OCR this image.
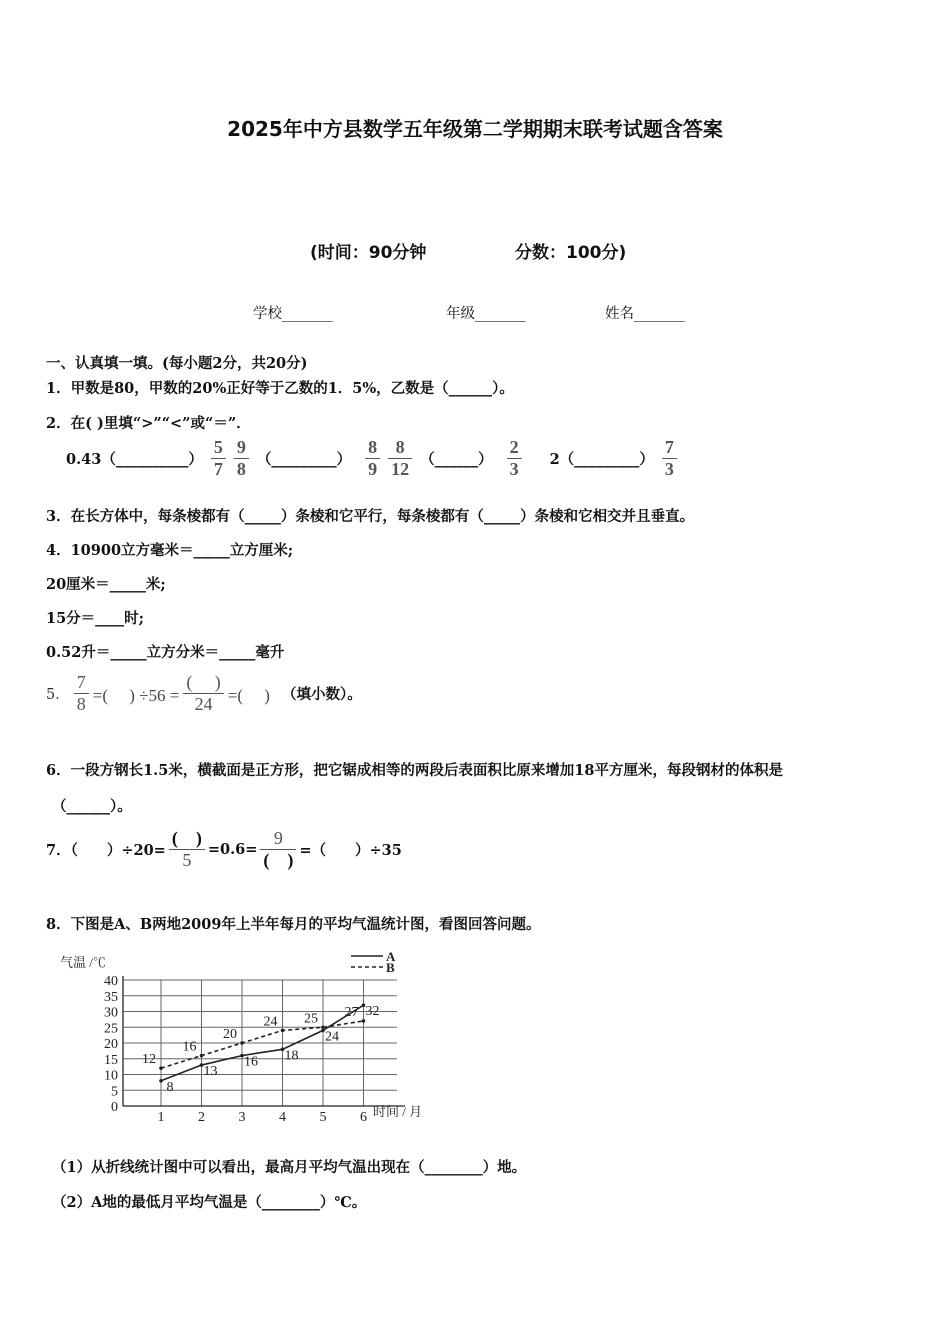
2025年中方县数学五年级第二学期期末联考试题含答案
(时间：90分钟	分数：100分)
学校_______	年级_______	姓名_______
一、认真填一填。(每小题2分，共20分)
1．甲数是80，甲数的20%正好等于乙数的1．5%，乙数是（______）。
2．在( )里填“>”“<”或“＝”．
0.43（__________） $\frac{5}{7} \frac{9}{8}$ （_________） $\frac{8}{9} \frac{8}{12}$ （______） $\frac{2}{3}$ 2（_________） $\frac{7}{3}$
3．在长方体中，每条棱都有（_____）条棱和它平行，每条棱都有（_____）条棱和它相交并且垂直。
4．10900立方毫米＝_____立方厘米;
20厘米＝_____米;
15分＝____时;
0.52升＝_____立方分米＝_____毫升
5． $\frac{7}{8}$ =(　 ) $\div 56 = \frac{( )}{24}$ =(　 ) （填小数）。
6．一段方钢长1.5米，横截面是正方形，把它锯成相等的两段后表面积比原来增加18平方厘米，每段钢材的体积是
（______）。
7．（　　）$\div 20= \frac{( )}{5} =0.6= \frac{9}{( )}$ =（　　）÷35
8．下图是A、B两地2009年上半年每月的平均气温统计图，看图回答问题。
0
5
10
15
20
25
30
35
40
1 2 3 4 5 6
8
13
16 18
24
32
12
16
20
24 25 27
A
B
气温 /℃
时间 / 月
（1）从折线统计图中可以看出，最高月平均气温出现在（________）地。
（2）A地的最低月平均气温是（________）℃。
